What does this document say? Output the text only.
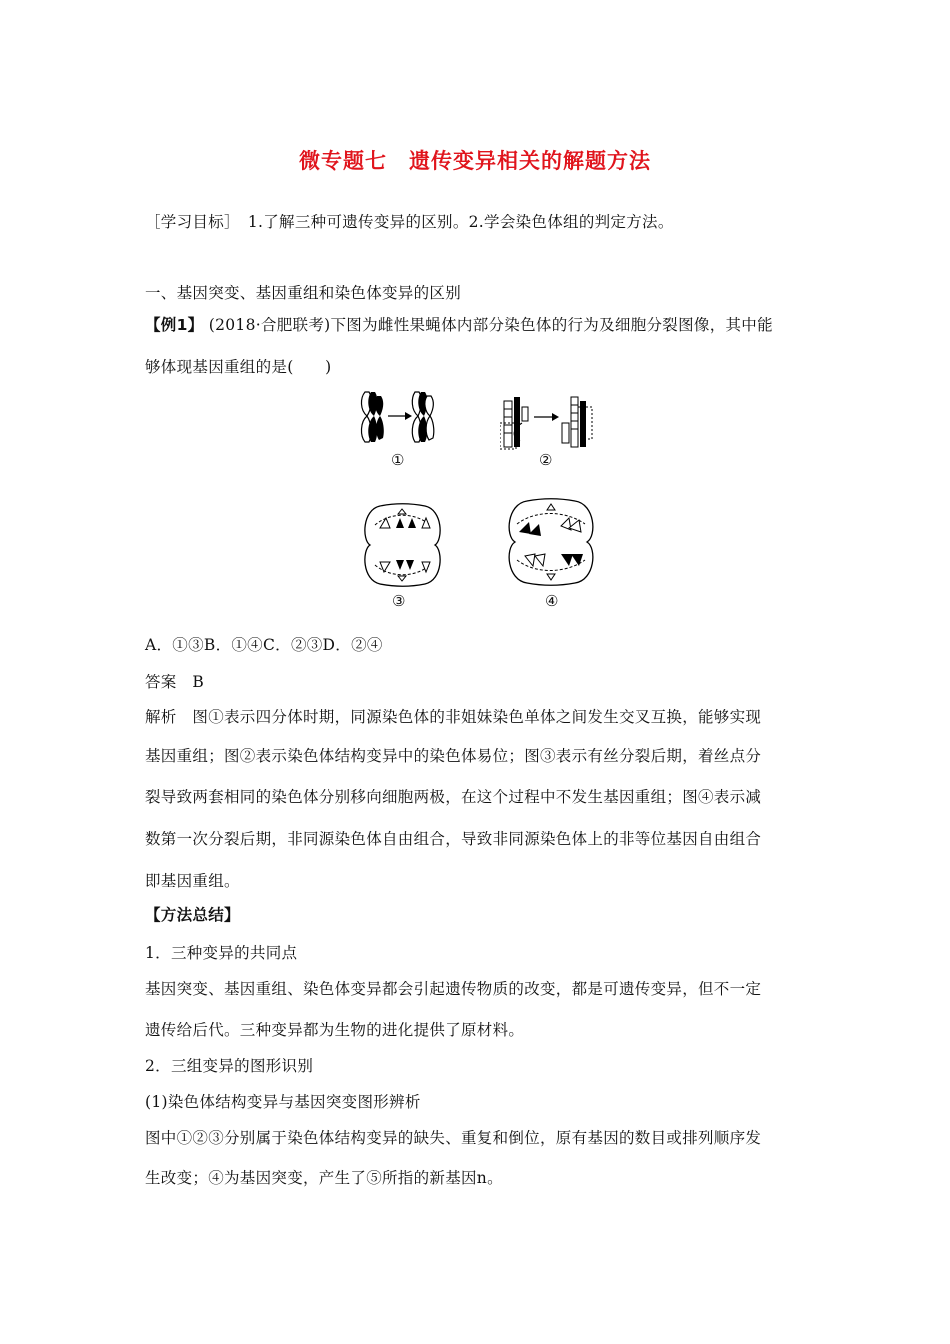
微专题七　遗传变异相关的解题方法
［学习目标］　1.了解三种可遗传变异的区别。2.学会染色体组的判定方法。
一、基因突变、基因重组和染色体变异的区别
【例1】 (2018·合肥联考)下图为雌性果蝇体内部分染色体的行为及细胞分裂图像，其中能
够体现基因重组的是(　　)
①	②
③	④
A．①③B．①④C．②③D．②④
答案　B
解析　图①表示四分体时期，同源染色体的非姐妹染色单体之间发生交叉互换，能够实现
基因重组；图②表示染色体结构变异中的染色体易位；图③表示有丝分裂后期，着丝点分
裂导致两套相同的染色体分别移向细胞两极，在这个过程中不发生基因重组；图④表示减
数第一次分裂后期，非同源染色体自由组合，导致非同源染色体上的非等位基因自由组合
即基因重组。
【方法总结】
1．三种变异的共同点
基因突变、基因重组、染色体变异都会引起遗传物质的改变，都是可遗传变异，但不一定
遗传给后代。三种变异都为生物的进化提供了原材料。
2．三组变异的图形识别
(1)染色体结构变异与基因突变图形辨析
图中①②③分别属于染色体结构变异的缺失、重复和倒位，原有基因的数目或排列顺序发
生改变；④为基因突变，产生了⑤所指的新基因n。
